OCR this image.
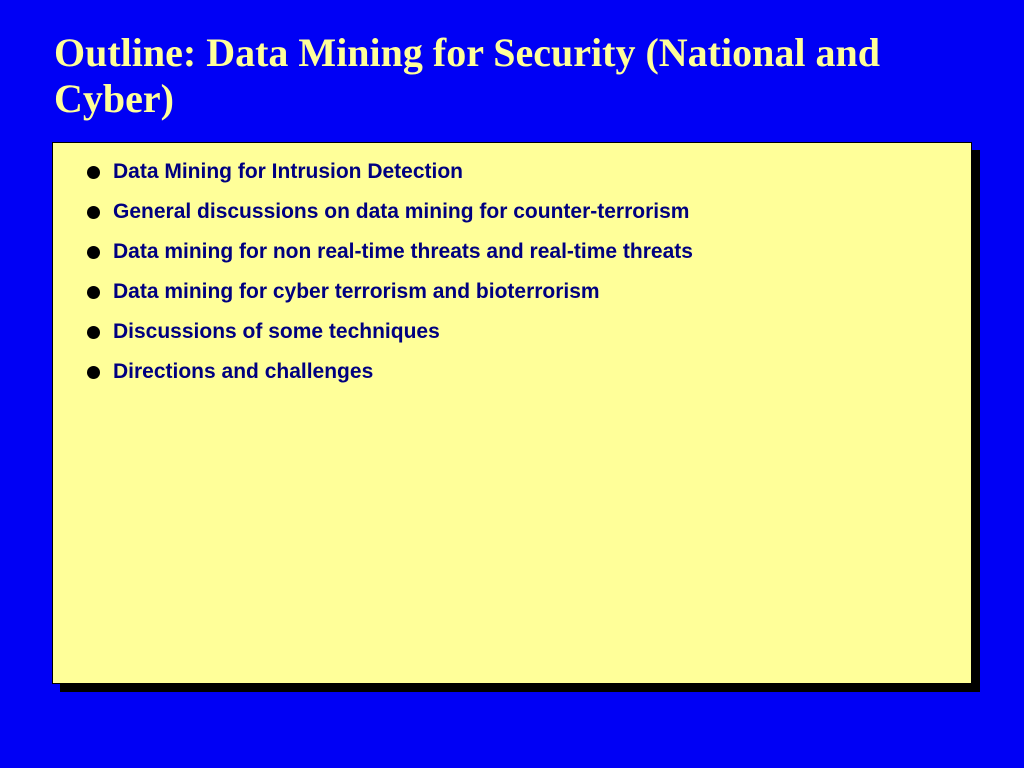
Outline: Data Mining for Security (National and Cyber)
Data Mining for Intrusion Detection
General discussions on data mining for counter-terrorism
Data mining for non real-time threats and real-time threats
Data mining for cyber terrorism and bioterrorism
Discussions of some techniques
Directions and challenges
